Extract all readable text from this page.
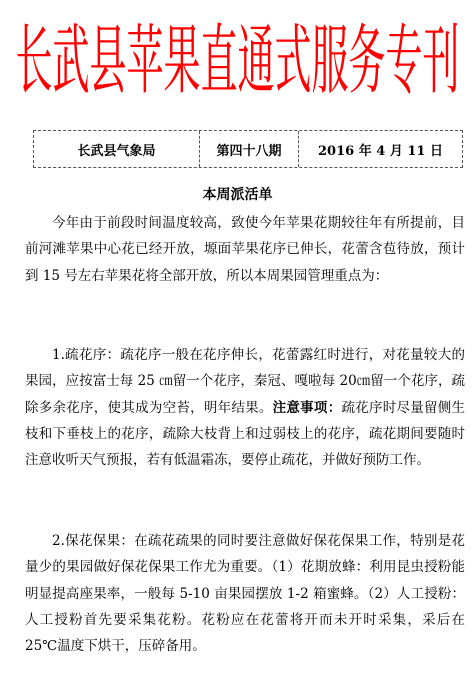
长武县苹果直通式服务专刊
长武县气象局	第四十八期	2016 年 4 月 11 日
本周派活单

今年由于前段时间温度较高，致使今年苹果花期较往年有所提前，目前河滩苹果中心花已经开放，塬面苹果花序已伸长，花蕾含苞待放，预计到 15 号左右苹果花将全部开放，所以本周果园管理重点为：

1.疏花序：疏花序一般在花序伸长，花蕾露红时进行，对花量较大的果园，应按富士每 25 ㎝留一个花序，秦冠、嘎啦每 20㎝留一个花序，疏除多余花序，使其成为空苔，明年结果。注意事项：疏花序时尽量留侧生枝和下垂枝上的花序，疏除大枝背上和过弱枝上的花序，疏花期间要随时注意收听天气预报，若有低温霜冻，要停止疏花，并做好预防工作。

2.保花保果：在疏花疏果的同时要注意做好保花保果工作，特别是花量少的果园做好保花保果工作尤为重要。（1）花期放蜂：利用昆虫授粉能明显提高座果率，一般每 5-10 亩果园摆放 1-2 箱蜜蜂。（2）人工授粉：人工授粉首先要采集花粉。花粉应在花蕾将开而未开时采集，采后在 25℃温度下烘干，压碎备用。
